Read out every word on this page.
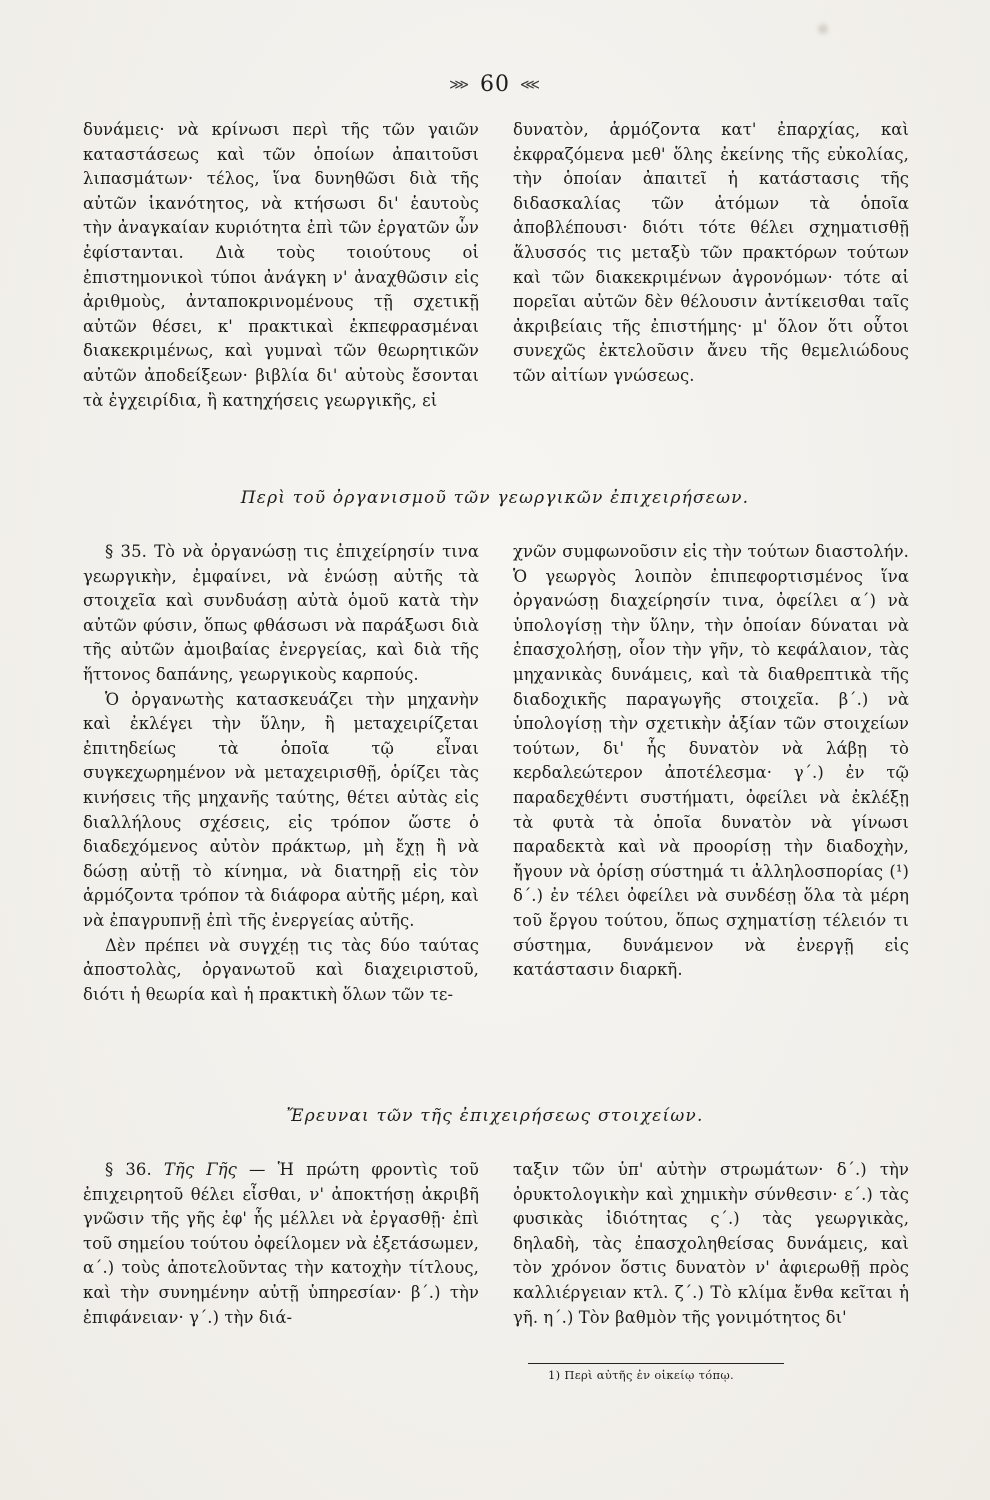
⋙ 60 ⋘

δυνάμεις· νὰ κρίνωσι περὶ τῆς τῶν γαιῶν καταστάσεως καὶ τῶν ὁποίων ἀπαιτοῦσι λιπασμάτων· τέλος, ἵνα δυνηθῶσι διὰ τῆς αὐτῶν ἱκανότητος, νὰ κτήσωσι δι' ἑαυτοὺς τὴν ἀναγκαίαν κυριότητα ἐπὶ τῶν ἐργατῶν ὧν ἐφίστανται. Διὰ τοὺς τοιούτους οἱ ἐπιστημονικοὶ τύποι ἀνάγκη ν' ἀναχθῶσιν εἰς ἀριθμοὺς, ἀνταποκρινομένους τῇ σχετικῇ αὐτῶν θέσει, κ' πρακτικαὶ ἐκπεφρασμέναι διακεκριμένως, καὶ γυμναὶ τῶν θεωρητικῶν αὐτῶν ἀποδείξεων· βιβλία δι' αὐτοὺς ἔσονται τὰ ἐγχειρίδια, ἢ κατηχήσεις γεωργικῆς, εἰ

δυνατὸν, ἁρμόζοντα κατ' ἐπαρχίας, καὶ ἐκφραζόμενα μεθ' ὅλης ἐκείνης τῆς εὐκολίας, τὴν ὁποίαν ἀπαιτεῖ ἡ κατάστασις τῆς διδασκαλίας τῶν ἀτόμων τὰ ὁποῖα ἀποβλέπουσι· διότι τότε θέλει σχηματισθῇ ἅλυσσός τις μεταξὺ τῶν πρακτόρων τούτων καὶ τῶν διακεκριμένων ἀγρονόμων· τότε αἱ πορεῖαι αὐτῶν δὲν θέλουσιν ἀντίκεισθαι ταῖς ἀκριβείαις τῆς ἐπιστήμης· μ' ὅλον ὅτι οὗτοι συνεχῶς ἐκτελοῦσιν ἄνευ τῆς θεμελιώδους τῶν αἰτίων γνώσεως.

Περὶ τοῦ ὀργανισμοῦ τῶν γεωργικῶν ἐπιχειρήσεων.

§ 35. Τὸ νὰ ὀργανώσῃ τις ἐπιχείρησίν τινα γεωργικὴν, ἐμφαίνει, νὰ ἑνώσῃ αὐτῆς τὰ στοιχεῖα καὶ συνδυάσῃ αὐτὰ ὁμοῦ κατὰ τὴν αὐτῶν φύσιν, ὅπως φθάσωσι νὰ παράξωσι διὰ τῆς αὐτῶν ἀμοιβαίας ἐνεργείας, καὶ διὰ τῆς ἥττονος δαπάνης, γεωργικοὺς καρπούς.

Ὁ ὀργανωτὴς κατασκευάζει τὴν μηχανὴν καὶ ἐκλέγει τὴν ὕλην, ἢ μεταχειρίζεται ἐπιτηδείως τὰ ὁποῖα τῷ εἶναι συγκεχωρημένον νὰ μεταχειρισθῇ, ὁρίζει τὰς κινήσεις τῆς μηχανῆς ταύτης, θέτει αὐτὰς εἰς διαλλήλους σχέσεις, εἰς τρόπον ὥστε ὁ διαδεχόμενος αὐτὸν πράκτωρ, μὴ ἔχῃ ἢ νὰ δώσῃ αὐτῇ τὸ κίνημα, νὰ διατηρῇ εἰς τὸν ἁρμόζοντα τρόπον τὰ διάφορα αὐτῆς μέρη, καὶ νὰ ἐπαγρυπνῇ ἐπὶ τῆς ἐνεργείας αὐτῆς.

Δὲν πρέπει νὰ συγχέῃ τις τὰς δύο ταύτας ἀποστολὰς, ὀργανωτοῦ καὶ διαχειριστοῦ, διότι ἡ θεωρία καὶ ἡ πρακτικὴ ὅλων τῶν τε-

χνῶν συμφωνοῦσιν εἰς τὴν τούτων διαστολήν. Ὁ γεωργὸς λοιπὸν ἐπιπεφορτισμένος ἵνα ὀργανώσῃ διαχείρησίν τινα, ὀφείλει α΄) νὰ ὑπολογίσῃ τὴν ὕλην, τὴν ὁποίαν δύναται νὰ ἐπασχολήσῃ, οἷον τὴν γῆν, τὸ κεφάλαιον, τὰς μηχανικὰς δυνάμεις, καὶ τὰ διαθρεπτικὰ τῆς διαδοχικῆς παραγωγῆς στοιχεῖα. β΄.) νὰ ὑπολογίσῃ τὴν σχετικὴν ἀξίαν τῶν στοιχείων τούτων, δι' ἧς δυνατὸν νὰ λάβῃ τὸ κερδαλεώτερον ἀποτέλεσμα· γ΄.) ἐν τῷ παραδεχθέντι συστήματι, ὀφείλει νὰ ἐκλέξῃ τὰ φυτὰ τὰ ὁποῖα δυνατὸν νὰ γίνωσι παραδεκτὰ καὶ νὰ προορίσῃ τὴν διαδοχὴν, ἤγουν νὰ ὁρίσῃ σύστημά τι ἀλληλοσπορίας (¹) δ΄.) ἐν τέλει ὀφείλει νὰ συνδέσῃ ὅλα τὰ μέρη τοῦ ἔργου τούτου, ὅπως σχηματίσῃ τέλειόν τι σύστημα, δυνάμενον νὰ ἐνεργῇ εἰς κατάστασιν διαρκῆ.

Ἔρευναι τῶν τῆς ἐπιχειρήσεως στοιχείων.

§ 36. Τῆς Γῆς — Ἡ πρώτη φροντὶς τοῦ ἐπιχειρητοῦ θέλει εἶσθαι, ν' ἀποκτήσῃ ἀκριβῆ γνῶσιν τῆς γῆς ἐφ' ἧς μέλλει νὰ ἐργασθῇ· ἐπὶ τοῦ σημείου τούτου ὀφείλομεν νὰ ἐξετάσωμεν, α΄.) τοὺς ἀποτελοῦντας τὴν κατοχὴν τίτλους, καὶ τὴν συνημένην αὐτῇ ὑπηρεσίαν· β΄.) τὴν ἐπιφάνειαν· γ΄.) τὴν διά-

ταξιν τῶν ὑπ' αὐτὴν στρωμάτων· δ΄.) τὴν ὀρυκτολογικὴν καὶ χημικὴν σύνθεσιν· ε΄.) τὰς φυσικὰς ἰδιότητας ς΄.) τὰς γεωργικὰς, δηλαδὴ, τὰς ἐπασχοληθείσας δυνάμεις, καὶ τὸν χρόνον ὅστις δυνατὸν ν' ἀφιερωθῇ πρὸς καλλιέργειαν κτλ. ζ΄.) Τὸ κλίμα ἔνθα κεῖται ἡ γῆ. η΄.) Τὸν βαθμὸν τῆς γονιμότητος δι'

1) Περὶ αὐτῆς ἐν οἰκείῳ τόπῳ.
